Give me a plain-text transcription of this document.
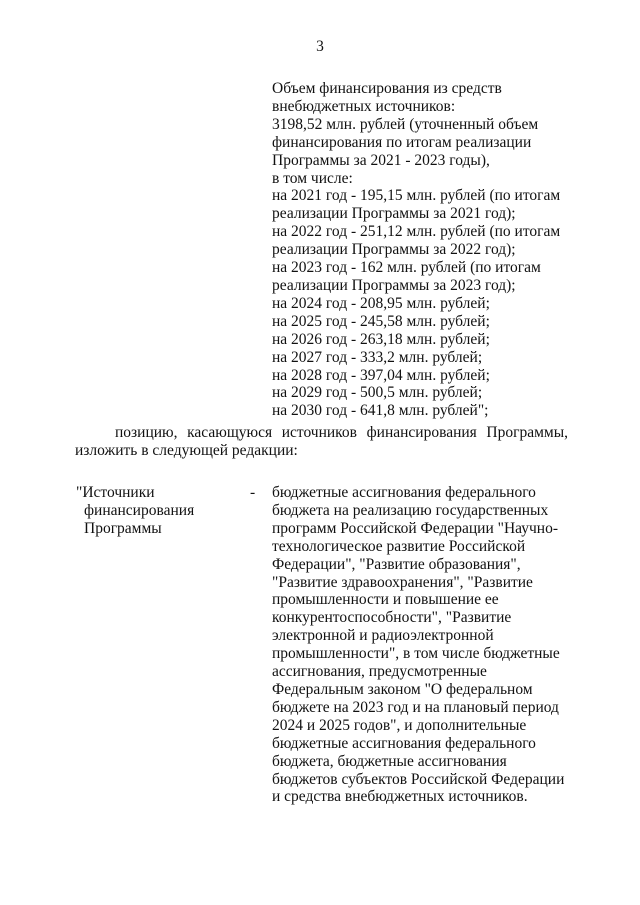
3
Объем финансирования из средств
внебюджетных источников:
3198,52 млн. рублей (уточненный объем
финансирования по итогам реализации
Программы за 2021 - 2023 годы),
в том числе:
на 2021 год - 195,15 млн. рублей (по итогам
реализации Программы за 2021 год);
на 2022 год - 251,12 млн. рублей (по итогам
реализации Программы за 2022 год);
на 2023 год - 162 млн. рублей (по итогам
реализации Программы за 2023 год);
на 2024 год - 208,95 млн. рублей;
на 2025 год - 245,58 млн. рублей;
на 2026 год - 263,18 млн. рублей;
на 2027 год - 333,2 млн. рублей;
на 2028 год - 397,04 млн. рублей;
на 2029 год - 500,5 млн. рублей;
на 2030 год - 641,8 млн. рублей";
позицию, касающуюся источников финансирования Программы,
изложить в следующей редакции:
"Источники
финансирования
Программы
- бюджетные ассигнования федерального
бюджета на реализацию государственных
программ Российской Федерации "Научно-
технологическое развитие Российской
Федерации", "Развитие образования",
"Развитие здравоохранения", "Развитие
промышленности и повышение ее
конкурентоспособности", "Развитие
электронной и радиоэлектронной
промышленности", в том числе бюджетные
ассигнования, предусмотренные
Федеральным законом "О федеральном
бюджете на 2023 год и на плановый период
2024 и 2025 годов", и дополнительные
бюджетные ассигнования федерального
бюджета, бюджетные ассигнования
бюджетов субъектов Российской Федерации
и средства внебюджетных источников.
